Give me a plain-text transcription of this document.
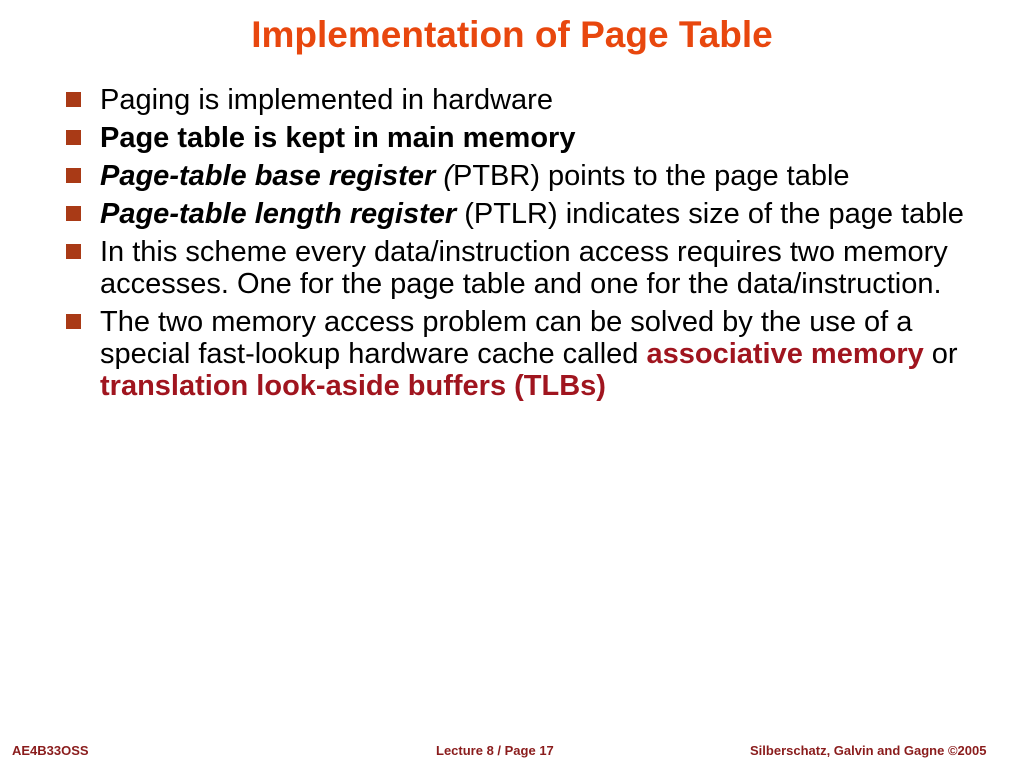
Implementation of Page Table
Paging is implemented in hardware
Page table is kept in main memory
Page-table base register (PTBR) points to the page table
Page-table length register (PTLR) indicates size of the page table
In this scheme every data/instruction access requires two memory accesses. One for the page table and one for the data/instruction.
The two memory access problem can be solved by the use of a special fast-lookup hardware cache called associative memory or translation look-aside buffers (TLBs)
AE4B33OSS	Lecture 8 / Page 17	Silberschatz, Galvin and Gagne ©2005
